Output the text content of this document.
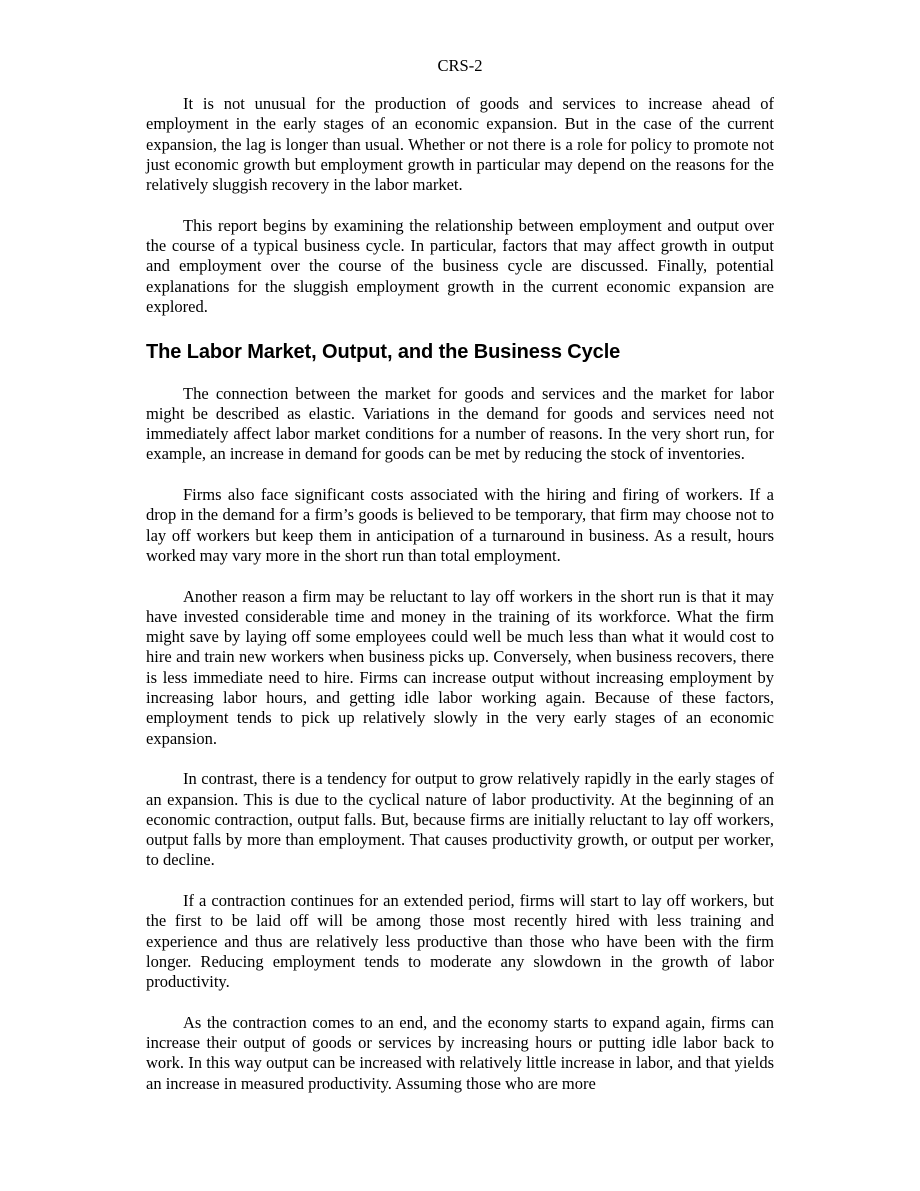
CRS-2

It is not unusual for the production of goods and services to increase ahead of employment in the early stages of an economic expansion. But in the case of the current expansion, the lag is longer than usual. Whether or not there is a role for policy to promote not just economic growth but employment growth in particular may depend on the reasons for the relatively sluggish recovery in the labor market.

This report begins by examining the relationship between employment and output over the course of a typical business cycle. In particular, factors that may affect growth in output and employment over the course of the business cycle are discussed. Finally, potential explanations for the sluggish employment growth in the current economic expansion are explored.

The Labor Market, Output, and the Business Cycle

The connection between the market for goods and services and the market for labor might be described as elastic. Variations in the demand for goods and services need not immediately affect labor market conditions for a number of reasons. In the very short run, for example, an increase in demand for goods can be met by reducing the stock of inventories.

Firms also face significant costs associated with the hiring and firing of workers. If a drop in the demand for a firm’s goods is believed to be temporary, that firm may choose not to lay off workers but keep them in anticipation of a turnaround in business. As a result, hours worked may vary more in the short run than total employment.

Another reason a firm may be reluctant to lay off workers in the short run is that it may have invested considerable time and money in the training of its workforce. What the firm might save by laying off some employees could well be much less than what it would cost to hire and train new workers when business picks up. Conversely, when business recovers, there is less immediate need to hire. Firms can increase output without increasing employment by increasing labor hours, and getting idle labor working again. Because of these factors, employment tends to pick up relatively slowly in the very early stages of an economic expansion.

In contrast, there is a tendency for output to grow relatively rapidly in the early stages of an expansion. This is due to the cyclical nature of labor productivity. At the beginning of an economic contraction, output falls. But, because firms are initially reluctant to lay off workers, output falls by more than employment. That causes productivity growth, or output per worker, to decline.

If a contraction continues for an extended period, firms will start to lay off workers, but the first to be laid off will be among those most recently hired with less training and experience and thus are relatively less productive than those who have been with the firm longer. Reducing employment tends to moderate any slowdown in the growth of labor productivity.

As the contraction comes to an end, and the economy starts to expand again, firms can increase their output of goods or services by increasing hours or putting idle labor back to work. In this way output can be increased with relatively little increase in labor, and that yields an increase in measured productivity. Assuming those who are more
